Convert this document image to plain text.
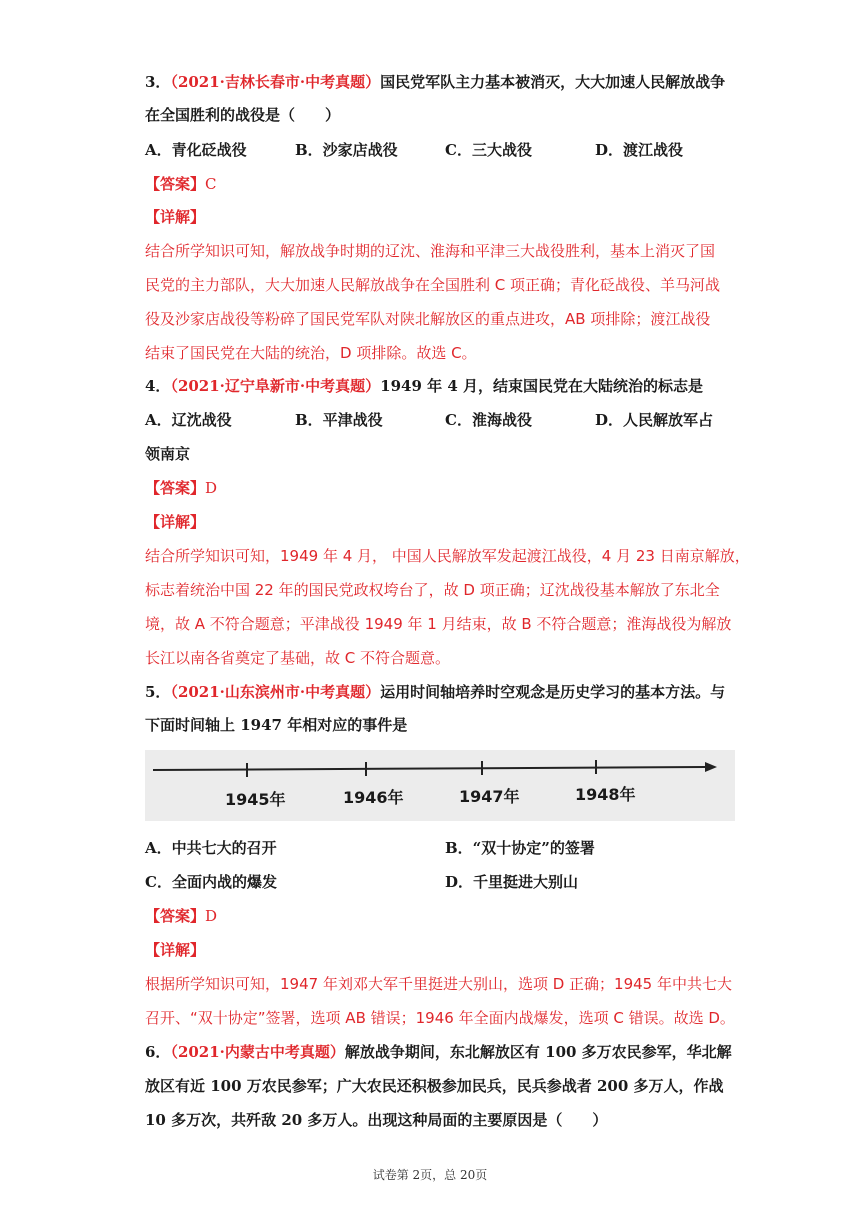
3．（2021·吉林长春市·中考真题）国民党军队主力基本被消灭，大大加速人民解放战争
在全国胜利的战役是（　　）
A．青化砭战役	B．沙家店战役	C．三大战役	D．渡江战役
【答案】C
【详解】
结合所学知识可知，解放战争时期的辽沈、淮海和平津三大战役胜利，基本上消灭了国
民党的主力部队，大大加速人民解放战争在全国胜利 C 项正确；青化砭战役、羊马河战
役及沙家店战役等粉碎了国民党军队对陕北解放区的重点进攻，AB 项排除；渡江战役
结束了国民党在大陆的统治，D 项排除。故选 C。
4．（2021·辽宁阜新市·中考真题）1949 年 4 月，结束国民党在大陆统治的标志是
A．辽沈战役	B．平津战役	C．淮海战役	D．人民解放军占
领南京
【答案】D
【详解】
结合所学知识可知，1949 年 4 月， 中国人民解放军发起渡江战役，4 月 23 日南京解放，
标志着统治中国 22 年的国民党政权垮台了，故 D 项正确；辽沈战役基本解放了东北全
境，故 A 不符合题意；平津战役 1949 年 1 月结束，故 B 不符合题意；淮海战役为解放
长江以南各省奠定了基础，故 C 不符合题意。
5．（2021·山东滨州市·中考真题）运用时间轴培养时空观念是历史学习的基本方法。与
下面时间轴上 1947 年相对应的事件是
1945年	1946年	1947年	1948年
A．中共七大的召开	B．“双十协定”的签署
C．全面内战的爆发	D．千里挺进大别山
【答案】D
【详解】
根据所学知识可知，1947 年刘邓大军千里挺进大别山，选项 D 正确；1945 年中共七大
召开、“双十协定”签署，选项 AB 错误；1946 年全面内战爆发，选项 C 错误。故选 D。
6．（2021·内蒙古中考真题）解放战争期间，东北解放区有 100 多万农民参军，华北解
放区有近 100 万农民参军；广大农民还积极参加民兵，民兵参战者 200 多万人，作战
10 多万次，共歼敌 20 多万人。出现这种局面的主要原因是（　　）
试卷第 2页，总 20页
